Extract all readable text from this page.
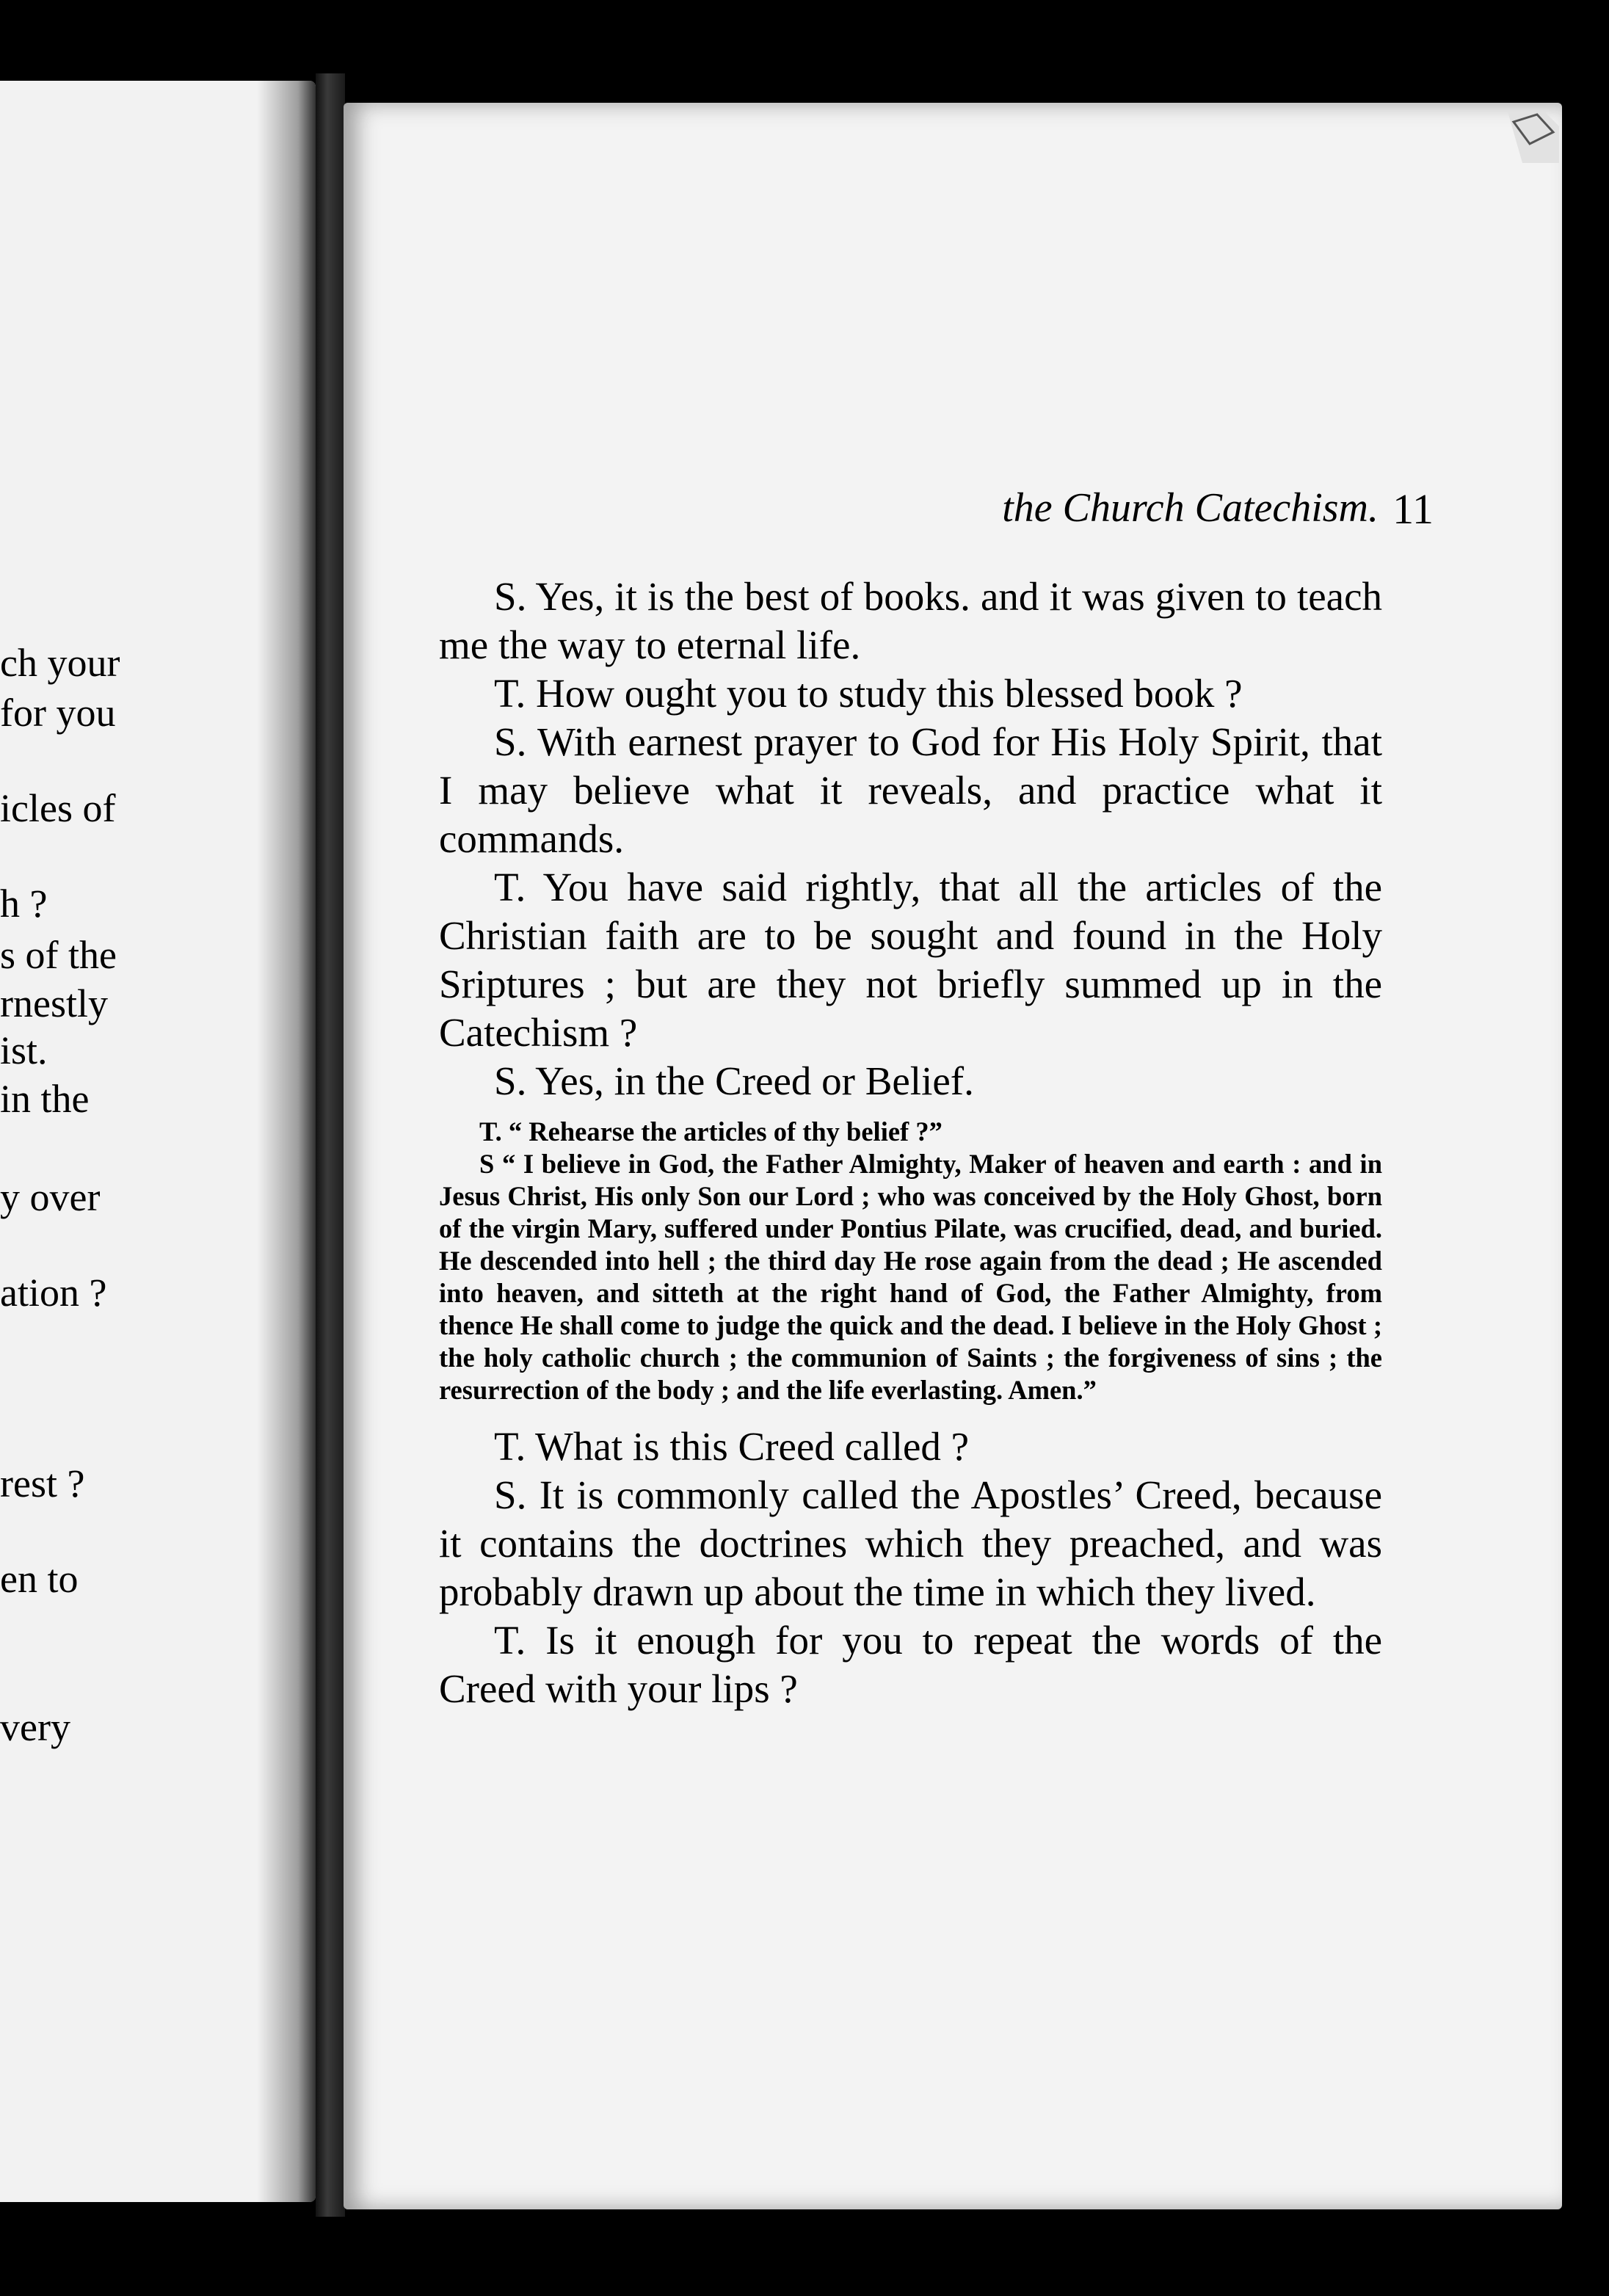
ch your
for you
icles of
h ?
s of the
rnestly
ist.
in the
y over
ation ?
rest ?
en to
very
the Church Catechism. 11

S. Yes, it is the best of books. and it was given to teach me the way to eternal life.

T. How ought you to study this blessed book ?

S. With earnest prayer to God for His Holy Spirit, that I may believe what it reveals, and practice what it commands.

T. You have said rightly, that all the articles of the Christian faith are to be sought and found in the Holy Sriptures ; but are they not briefly summed up in the Catechism ?

S. Yes, in the Creed or Belief.

T. “ Rehearse the articles of thy belief ?”

S “ I believe in God, the Father Almighty, Maker of heaven and earth : and in Jesus Christ, His only Son our Lord ; who was conceived by the Holy Ghost, born of the virgin Mary, suffered under Pontius Pilate, was crucified, dead, and buried. He descended into hell ; the third day He rose again from the dead ; He ascended into heaven, and sitteth at the right hand of God, the Father Almighty, from thence He shall come to judge the quick and the dead. I believe in the Holy Ghost ; the holy catholic church ; the communion of Saints ; the forgiveness of sins ; the resurrection of the body ; and the life everlasting. Amen.”

T. What is this Creed called ?

S. It is commonly called the Apostles’ Creed, because it contains the doctrines which they preached, and was probably drawn up about the time in which they lived.

T. Is it enough for you to repeat the words of the Creed with your lips ?
